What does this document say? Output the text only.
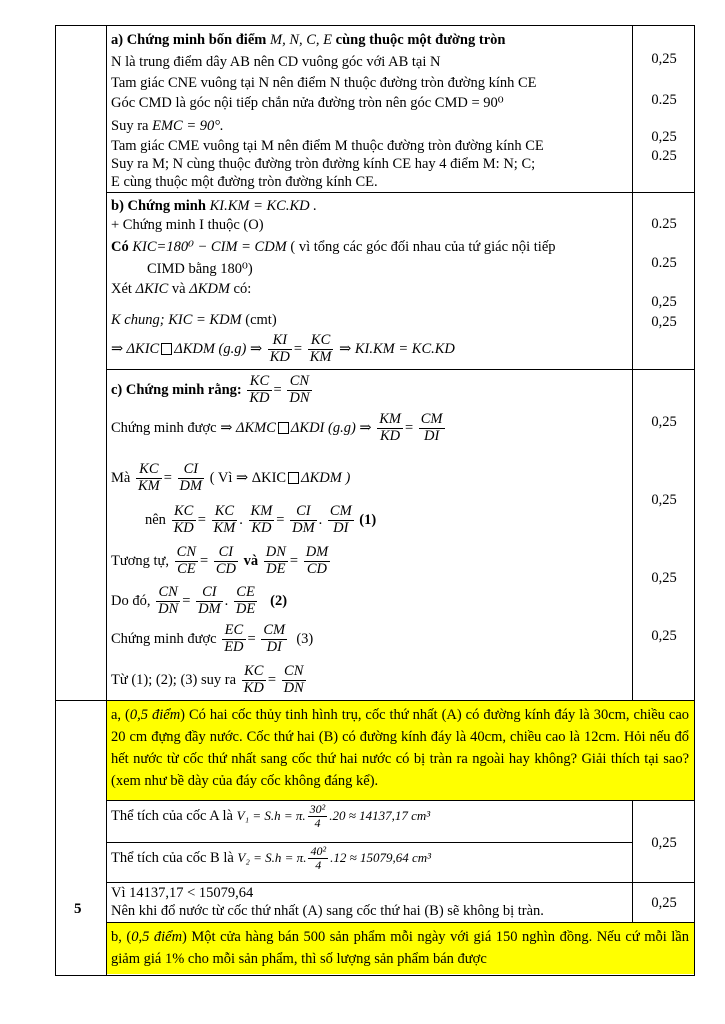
a) Chứng minh bốn điểm M, N, C, E cùng thuộc một đường tròn
N là trung điểm dây AB nên CD vuông góc với AB tại N
Tam giác CNE vuông tại N nên điểm N thuộc đường tròn đường kính CE
Góc CMD là góc nội tiếp chắn nửa đường tròn nên góc CMD = 90⁰
Suy ra EMC = 90°.
Tam giác CME vuông tại M nên điểm M thuộc đường tròn đường kính CE
Suy ra M; N cùng thuộc đường tròn đường kính CE hay 4 điểm M: N; C;
E cùng thuộc một đường tròn đường kính CE.
0,25
0.25
0,25
0.25
b) Chứng minh KI.KM = KC.KD .
+ Chứng minh I thuộc (O)
Có KIC=180⁰ − CIM = CDM ( vì tổng các góc đối nhau của tứ giác nội tiếp
CIMD bằng 180⁰)
Xét ΔKIC và ΔKDM có:
K chung; KIC = KDM (cmt)
⇒ ΔKIC ΔKDM (g.g) ⇒ $\frac{KI}{KD} = \frac{KC}{KM}$ ⇒ KI.KM = KC.KD
0.25
0.25
0,25
0,25
c) Chứng minh rằng: $\frac{KC}{KD} = \frac{CN}{DN}$
Chứng minh được ⇒ ΔKMC ΔKDI (g.g) ⇒ $\frac{KM}{KD} = \frac{CM}{DI}$
Mà $\frac{KC}{KM} = \frac{CI}{DM}$ ( Vì ⇒ ΔKIC ΔKDM )
nên $\frac{KC}{KD} = \frac{KC}{KM}$ . $\frac{KM}{KD} = \frac{CI}{DM}$ . $\frac{CM}{DI} (1)$
Tương tự, $\frac{CN}{CE} = \frac{CI}{CD}$ và $\frac{DN}{DE} = \frac{DM}{CD}$
Do đó, $\frac{CN}{DN} = \frac{CI}{DM}$ . $\frac{CE}{DE} (2)$
Chứng minh được $\frac{EC}{ED} = \frac{CM}{DI} (3)$
Từ (1); (2); (3) suy ra $\frac{KC}{KD} = \frac{CN}{DN}$
0,25
0,25
0,25
0,25
5
a, (0,5 điểm) Có hai cốc thủy tinh hình trụ, cốc thứ nhất (A) có đường kính đáy là 30cm, chiều cao 20 cm đựng đầy nước. Cốc thứ hai (B) có đường kính đáy là 40cm, chiều cao là 12cm. Hỏi nếu đổ hết nước từ cốc thứ nhất sang cốc thứ hai nước có bị tràn ra ngoài hay không? Giải thích tại sao? (xem như bề dày của đáy cốc không đáng kể).
Thể tích của cốc A là V₁ = S.h = π. $\frac{\text{30²}}{4} .20 \approx 14137,17$ cm³
Thể tích của cốc B là V₂ = S.h = π. $\frac{\text{40²}}{4} .12 \approx 15079,64$ cm³
0,25
Vì 14137,17 < 15079,64
Nên khi đổ nước từ cốc thứ nhất (A) sang cốc thứ hai (B) sẽ không bị tràn.	0,25
b, (0,5 điểm) Một cửa hàng bán 500 sản phẩm mỗi ngày với giá 150 nghìn đồng. Nếu cứ mỗi lần giảm giá 1% cho mỗi sản phẩm, thì số lượng sản phẩm bán được
